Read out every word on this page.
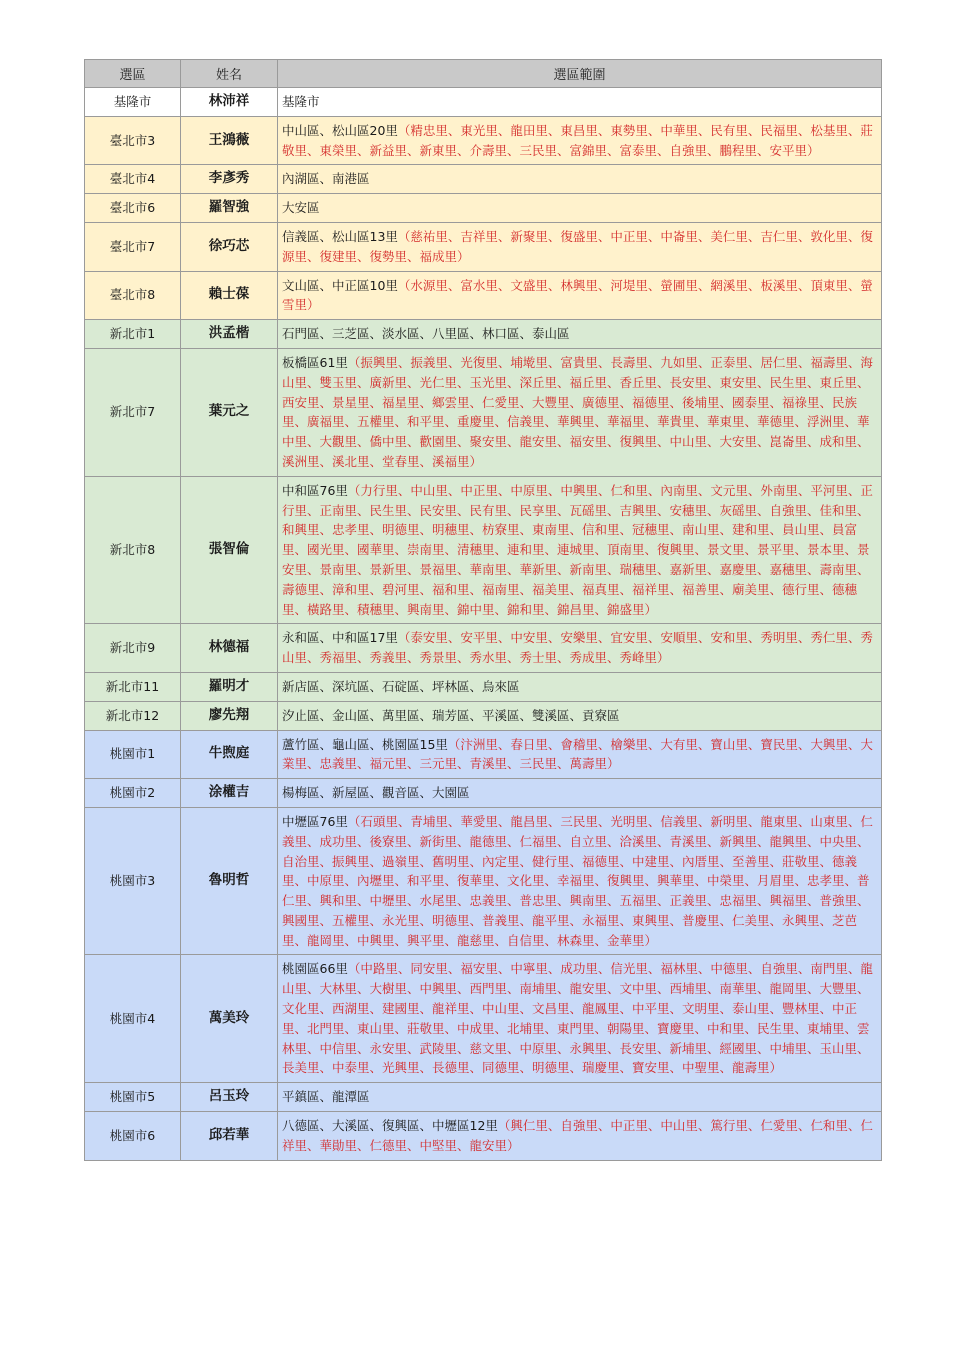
選區	姓名	選區範圍
基隆市	林沛祥	基隆市
臺北市3	王鴻薇	中山區、松山區20里（精忠里、東光里、龍田里、東昌里、東勢里、中華里、民有里、民福里、松基里、莊敬里、東榮里、新益里、新東里、介壽里、三民里、富錦里、富泰里、自強里、鵬程里、安平里）
臺北市4	李彥秀	內湖區、南港區
臺北市6	羅智強	大安區
臺北市7	徐巧芯	信義區、松山區13里（慈祐里、吉祥里、新聚里、復盛里、中正里、中崙里、美仁里、吉仁里、敦化里、復源里、復建里、復勢里、福成里）
臺北市8	賴士葆	文山區、中正區10里（水源里、富水里、文盛里、林興里、河堤里、螢圃里、網溪里、板溪里、頂東里、螢雪里）
新北市1	洪孟楷	石門區、三芝區、淡水區、八里區、林口區、泰山區
新北市7	葉元之	板橋區61里（振興里、振義里、光復里、埔墘里、富貴里、長壽里、九如里、正泰里、居仁里、福壽里、海山里、雙玉里、廣新里、光仁里、玉光里、深丘里、福丘里、香丘里、長安里、東安里、民生里、東丘里、西安里、景星里、福星里、鄉雲里、仁愛里、大豐里、廣德里、福德里、後埔里、國泰里、福祿里、民族里、廣福里、五權里、和平里、重慶里、信義里、華興里、華福里、華貴里、華東里、華德里、浮洲里、華中里、大觀里、僑中里、歡園里、聚安里、龍安里、福安里、復興里、中山里、大安里、崑崙里、成和里、溪洲里、溪北里、堂春里、溪福里）
新北市8	張智倫	中和區76里（力行里、中山里、中正里、中原里、中興里、仁和里、內南里、文元里、外南里、平河里、正行里、正南里、民生里、民安里、民有里、民享里、瓦磘里、吉興里、安穗里、灰磘里、自強里、佳和里、和興里、忠孝里、明德里、明穗里、枋寮里、東南里、信和里、冠穗里、南山里、建和里、員山里、員富里、國光里、國華里、崇南里、清穗里、連和里、連城里、頂南里、復興里、景文里、景平里、景本里、景安里、景南里、景新里、景福里、華南里、華新里、新南里、瑞穗里、嘉新里、嘉慶里、嘉穗里、壽南里、壽德里、漳和里、碧河里、福和里、福南里、福美里、福真里、福祥里、福善里、廟美里、德行里、德穗里、橫路里、積穗里、興南里、錦中里、錦和里、錦昌里、錦盛里）
新北市9	林德福	永和區、中和區17里（泰安里、安平里、中安里、安樂里、宜安里、安順里、安和里、秀明里、秀仁里、秀山里、秀福里、秀義里、秀景里、秀水里、秀士里、秀成里、秀峰里）
新北市11	羅明才	新店區、深坑區、石碇區、坪林區、烏來區
新北市12	廖先翔	汐止區、金山區、萬里區、瑞芳區、平溪區、雙溪區、貢寮區
桃園市1	牛煦庭	蘆竹區、龜山區、桃園區15里（汴洲里、春日里、會稽里、檜樂里、大有里、寶山里、寶民里、大興里、大業里、忠義里、福元里、三元里、青溪里、三民里、萬壽里）
桃園市2	涂權吉	楊梅區、新屋區、觀音區、大園區
桃園市3	魯明哲	中壢區76里（石頭里、青埔里、華愛里、龍昌里、三民里、光明里、信義里、新明里、龍東里、山東里、仁義里、成功里、後寮里、新街里、龍德里、仁福里、自立里、洽溪里、青溪里、新興里、龍興里、中央里、自治里、振興里、過嶺里、舊明里、內定里、健行里、福德里、中建里、內厝里、至善里、莊敬里、德義里、中原里、內壢里、和平里、復華里、文化里、幸福里、復興里、興華里、中榮里、月眉里、忠孝里、普仁里、興和里、中壢里、水尾里、忠義里、普忠里、興南里、五福里、正義里、忠福里、興福里、普強里、興國里、五權里、永光里、明德里、普義里、龍平里、永福里、東興里、普慶里、仁美里、永興里、芝芭里、龍岡里、中興里、興平里、龍慈里、自信里、林森里、金華里）
桃園市4	萬美玲	桃園區66里（中路里、同安里、福安里、中寧里、成功里、信光里、福林里、中德里、自強里、南門里、龍山里、大林里、大樹里、中興里、西門里、南埔里、龍安里、文中里、西埔里、南華里、龍岡里、大豐里、文化里、西湖里、建國里、龍祥里、中山里、文昌里、龍鳳里、中平里、文明里、泰山里、豐林里、中正里、北門里、東山里、莊敬里、中成里、北埔里、東門里、朝陽里、寶慶里、中和里、民生里、東埔里、雲林里、中信里、永安里、武陵里、慈文里、中原里、永興里、長安里、新埔里、經國里、中埔里、玉山里、長美里、中泰里、光興里、長德里、同德里、明德里、瑞慶里、寶安里、中聖里、龍壽里）
桃園市5	呂玉玲	平鎮區、龍潭區
桃園市6	邱若華	八德區、大溪區、復興區、中壢區12里（興仁里、自強里、中正里、中山里、篤行里、仁愛里、仁和里、仁祥里、華勛里、仁德里、中堅里、龍安里）
